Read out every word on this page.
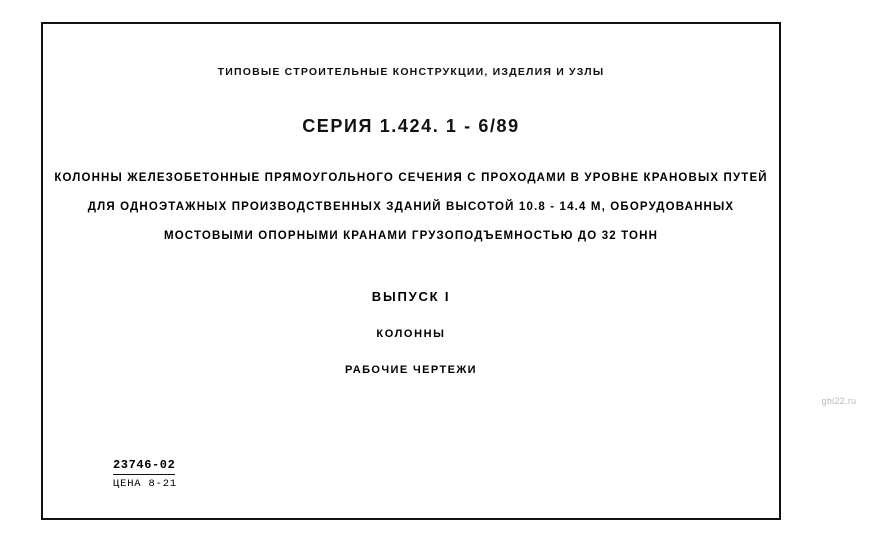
ТИПОВЫЕ СТРОИТЕЛЬНЫЕ КОНСТРУКЦИИ, ИЗДЕЛИЯ И УЗЛЫ
СЕРИЯ 1.424. 1 - 6/89
КОЛОННЫ ЖЕЛЕЗОБЕТОННЫЕ ПРЯМОУГОЛЬНОГО СЕЧЕНИЯ С ПРОХОДАМИ В УРОВНЕ КРАНОВЫХ ПУТЕЙ
ДЛЯ ОДНОЭТАЖНЫХ ПРОИЗВОДСТВЕННЫХ ЗДАНИЙ ВЫСОТОЙ 10.8 - 14.4 М, ОБОРУДОВАННЫХ
МОСТОВЫМИ ОПОРНЫМИ КРАНАМИ ГРУЗОПОДЪЕМНОСТЬЮ ДО 32 ТОНН
ВЫПУСК I
КОЛОННЫ
РАБОЧИЕ ЧЕРТЕЖИ
23746-02
ЦЕНА 8-21
gbi22.ru
